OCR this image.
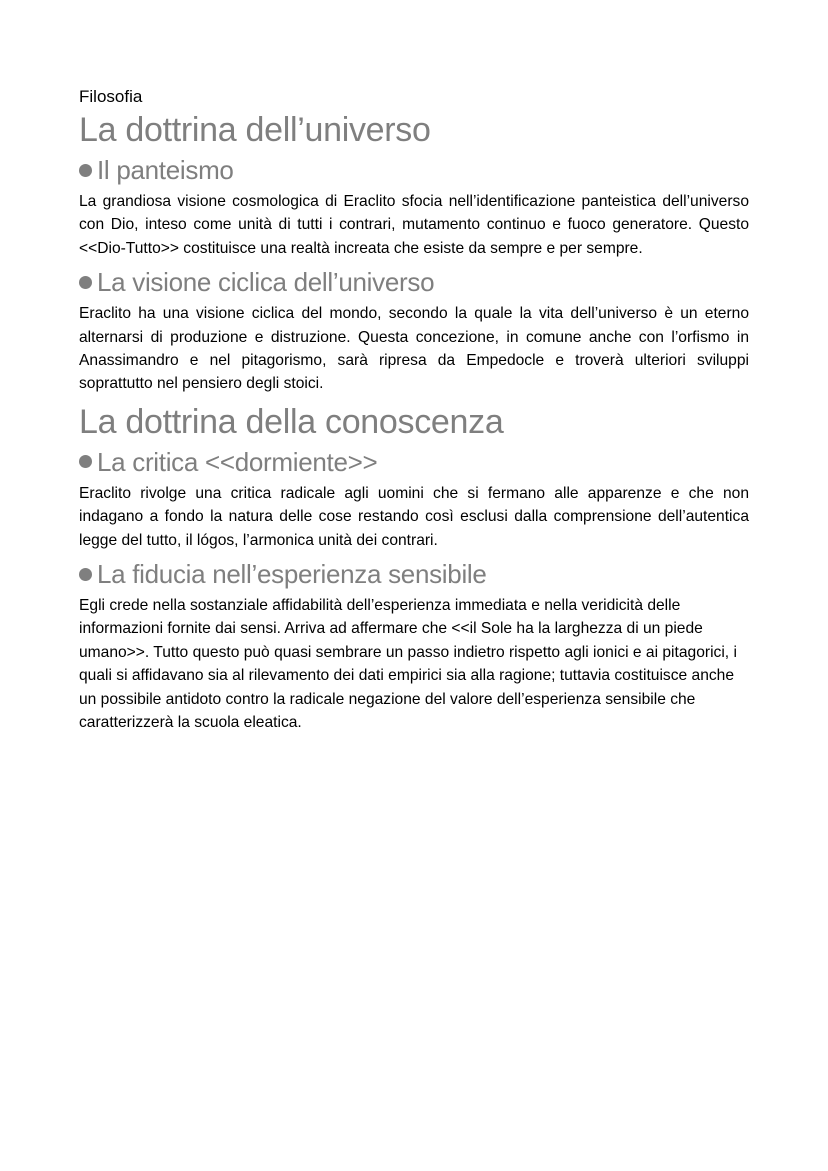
Filosofia
La dottrina dell’universo
Il panteismo

La grandiosa visione cosmologica di Eraclito sfocia nell’identificazione panteistica dell’universo con Dio, inteso come unità di tutti i contrari, mutamento continuo e fuoco generatore. Questo <<Dio-Tutto>> costituisce una realtà increata che esiste da sempre e per sempre.

La visione ciclica dell’universo

Eraclito ha una visione ciclica del mondo, secondo la quale la vita dell’universo è un eterno alternarsi di produzione e distruzione. Questa concezione, in comune anche con l’orfismo in Anassimandro e nel pitagorismo, sarà ripresa da Empedocle e troverà ulteriori sviluppi soprattutto nel pensiero degli stoici.

La dottrina della conoscenza
La critica <<dormiente>>

Eraclito rivolge una critica radicale agli uomini che si fermano alle apparenze e che non indagano a fondo la natura delle cose restando così esclusi dalla comprensione dell’autentica legge del tutto, il lógos, l’armonica unità dei contrari.

La fiducia nell’esperienza sensibile

Egli crede nella sostanziale affidabilità dell’esperienza immediata e nella veridicità delle informazioni fornite dai sensi. Arriva ad affermare che <<il Sole ha la larghezza di un piede umano>>. Tutto questo può quasi sembrare un passo indietro rispetto agli ionici e ai pitagorici, i quali si affidavano sia al rilevamento dei dati empirici sia alla ragione; tuttavia costituisce anche un possibile antidoto contro la radicale negazione del valore dell’esperienza sensibile che caratterizzerà la scuola eleatica.
